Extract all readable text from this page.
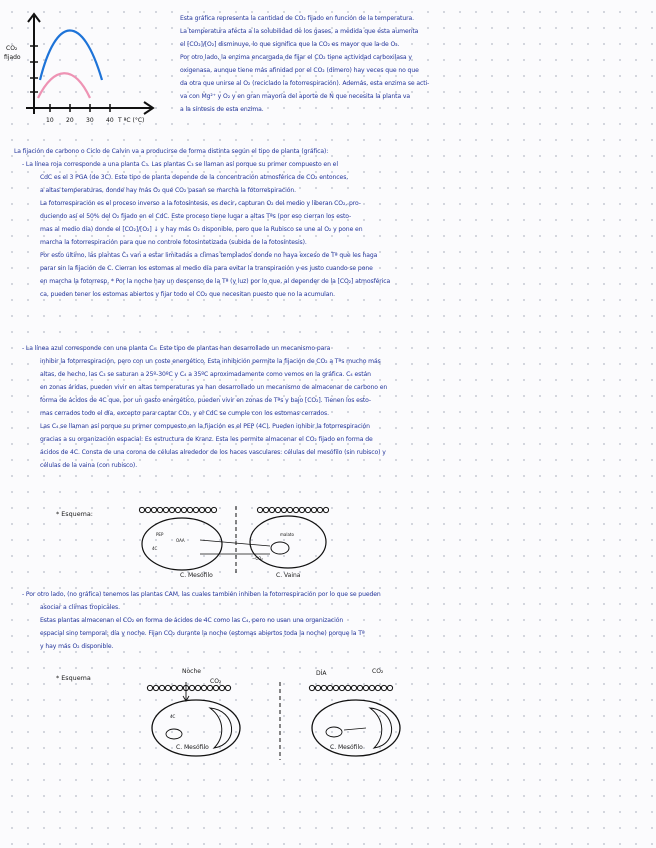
CO₂
fijado
10 20 30 40 T ªC (°C)
Esta gráfica representa la cantidad de CO₂ fijado en función de la temperatura.
La temperatura afecta a la solubilidad de los gases, a medida que esta aumenta
el [CO₂]/[O₂] disminuye, lo que significa que la CO₂ es mayor que la de O₂.
Por otro lado, la enzima encargada de fijar el CO₂ tiene actividad carboxilasa y
oxigenasa, aunque tiene más afinidad por el CO₂ (dímero) hay veces que no que
da otra que unirse al O₂ (reciclado la fotorrespiración). Además, esta enzima se acti-
va con Mg²⁺ y O₂ y en gran mayoría del aporte de N que necesita la planta va
a la síntesis de esta enzima.
La fijación de carbono o Ciclo de Calvin va a producirse de forma distinta según el tipo de planta (gráfica):
- La línea roja corresponde a una planta C₃. Las plantas C₃ se llaman así porque su primer compuesto en el
CdC es el 3 PGA (de 3C). Este tipo de planta depende de la concentración atmosférica de CO₂ entonces,
a altas temperaturas, donde hay más O₂ que CO₂ pasan se marcha la fotorrespiración.
La fotorrespiración es el proceso inverso a la fotosíntesis, es decir, capturan O₂ del medio y liberan CO₂, pro-
duciendo así el 50% del O₂ fijado en el CdC. Este proceso tiene lugar a altas Tªs (por eso cierran los esto-
mas al medio día) donde el [CO₂]/[O₂] ↓ y hay más O₂ disponible, pero que la Rubisco se une al O₂ y pone en
marcha la fotorrespiración para que no controle fotosintetizada (subida de la fotosíntesis).
Por esto último, las plantas C₃ van a estar limitadas a climas templados donde no haya exceso de Tª que les haga
parar sin la fijación de C. Cierran los estomas al medio día para evitar la transpiración y es justo cuando se pone
en marcha la fotorresp. * Por la noche hay un descenso de la Tª (y luz) por lo que, al depender de la [CO₂] atmosférica
ca, pueden tener los estomas abiertos y fijar todo el CO₂ que necesitan puesto que no la acumulan.
- La línea azul corresponde con una planta C₄. Este tipo de plantas han desarrollado un mecanismo para
inhibir la fotorrespiración, pero con un coste energético. Esta inhibición permite la fijación de CO₂ a Tªs mucho más
altas, de hecho, las C₃ se saturan a 25º-30ºC y C₄ a 35ºC aproximadamente como vemos en la gráfica. C₄ están
en zonas áridas, pueden vivir en altas temperaturas ya han desarrollado un mecanismo de almacenar de carbono en
forma de ácidos de 4C que, por un gasto energético, pueden vivir en zonas de Tªs y bajo [CO₂]. Tienen los esto-
mas cerrados todo el día, excepto para captar CO₂, y el CdC se cumple con los estomas cerrados.
Las C₄ se llaman así porque su primer compuesto en la fijación es el PEP (4C). Pueden inhibir la fotorrespiración
gracias a su organización espacial: Es estructura de Kranz. Esta les permite almacenar el CO₂ fijado en forma de
ácidos de 4C. Consta de una corona de células alrededor de los haces vasculares: células del mesófilo (sin rubisco) y
células de la vaina (con rubisco).
* Esquema:
PEP
OAA
4C
malato
−CO₂
C. Mesófilo	C. Vaina
- Por otro lado, (no gráfica) tenemos las plantas CAM, las cuales también inhiben la fotorrespiración por lo que se pueden
asociar a climas tropicales.
Estas plantas almacenan el CO₂ en forma de ácidos de 4C como las C₄, pero no usan una organización
espacial sino temporal: día y noche. Fijan CO₂ durante la noche (estomas abiertos toda la noche) porque la Tª
y hay más O₂ disponible.
* Esquema
Noche
CO₂
DÍA	CO₂
4C
C. Mesófilo	C. Mesófilo
